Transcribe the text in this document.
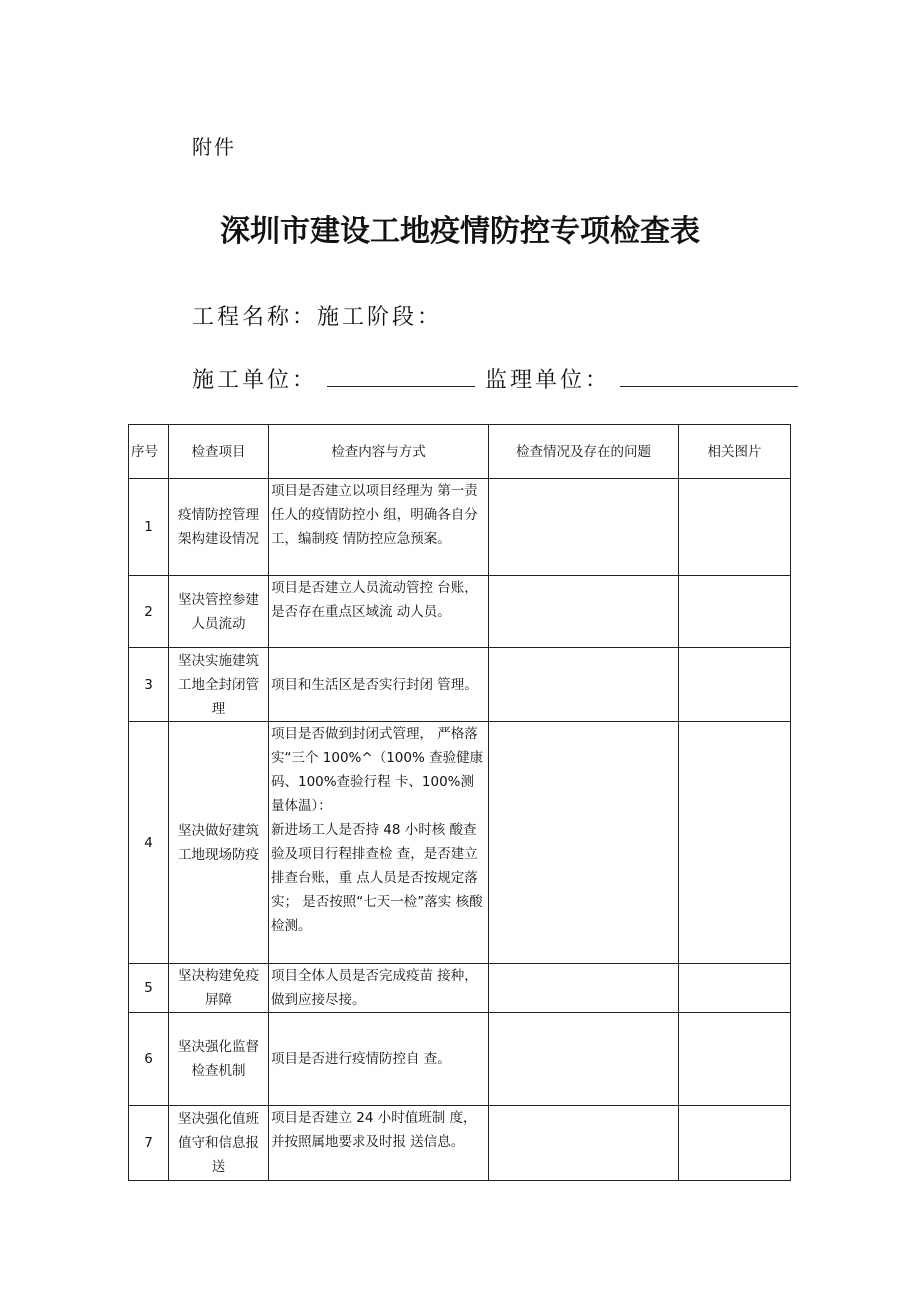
附件
深圳市建设工地疫情防控专项检查表
工程名称：施工阶段：
施工单位：	监理单位：
序号	检查项目	检查内容与方式	检查情况及存在的问题	相关图片
1	疫情防控管理架构建设情况	项目是否建立以项目经理为 第一责任人的疫情防控小 组，明确各自分工，编制疫 情防控应急预案。		
2	坚决管控参建人员流动	项目是否建立人员流动管控 台账，是否存在重点区域流 动人员。		
3	坚决实施建筑工地全封闭管理	项目和生活区是否实行封闭 管理。		
4	坚决做好建筑工地现场防疫	项目是否做到封闭式管理， 严格落实“三个 100%^（100% 查验健康码、100%查验行程 卡、100%测量体温）：
新进场工人是否持 48 小时核 酸查验及项目行程排查检 查，是否建立排查台账，重 点人员是否按规定落实； 是否按照“七天一检”落实 核酸检测。		
5	坚决构建免疫屏障	项目全体人员是否完成疫苗 接种，做到应接尽接。		
6	坚决强化监督检查机制	项目是否进行疫情防控自 查。		
7	坚决强化值班值守和信息报送	项目是否建立 24 小时值班制 度，并按照属地要求及时报 送信息。		
